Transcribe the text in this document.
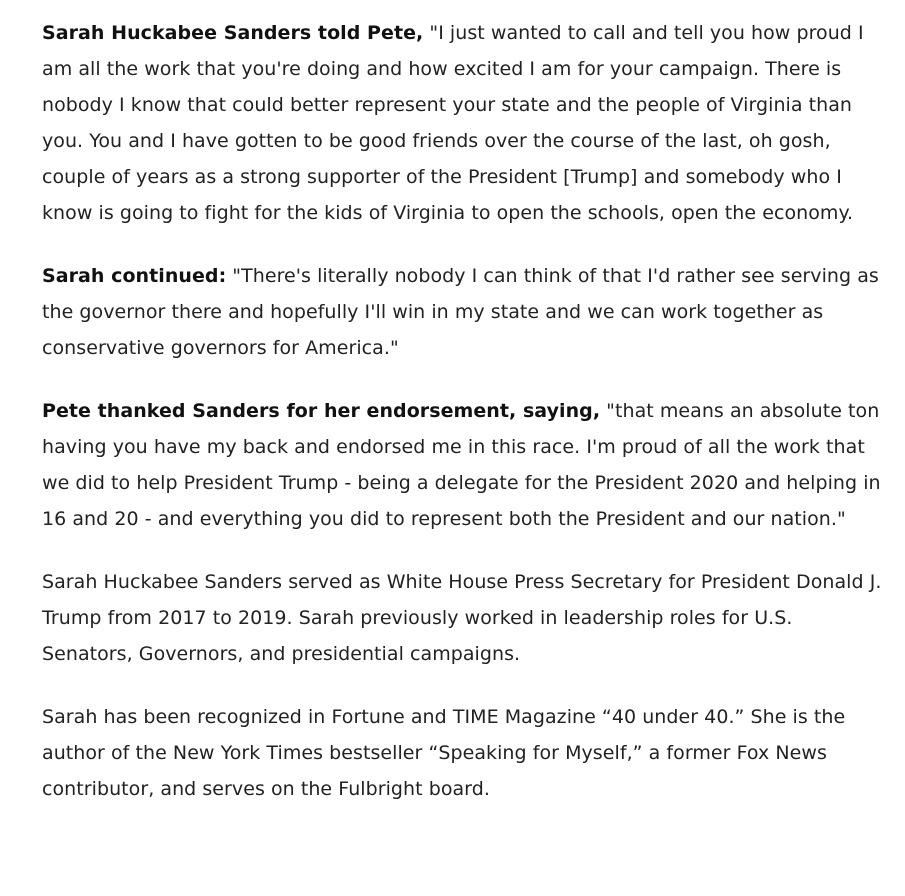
Sarah Huckabee Sanders told Pete, "I just wanted to call and tell you how proud I am all the work that you're doing and how excited I am for your campaign. There is nobody I know that could better represent your state and the people of Virginia than you. You and I have gotten to be good friends over the course of the last, oh gosh, couple of years as a strong supporter of the President [Trump] and somebody who I know is going to fight for the kids of Virginia to open the schools, open the economy.

Sarah continued: "There's literally nobody I can think of that I'd rather see serving as the governor there and hopefully I'll win in my state and we can work together as conservative governors for America."

Pete thanked Sanders for her endorsement, saying, "that means an absolute ton having you have my back and endorsed me in this race. I'm proud of all the work that we did to help President Trump - being a delegate for the President 2020 and helping in 16 and 20 - and everything you did to represent both the President and our nation."

Sarah Huckabee Sanders served as White House Press Secretary for President Donald J. Trump from 2017 to 2019. Sarah previously worked in leadership roles for U.S. Senators, Governors, and presidential campaigns.

Sarah has been recognized in Fortune and TIME Magazine “40 under 40.” She is the author of the New York Times bestseller “Speaking for Myself,” a former Fox News contributor, and serves on the Fulbright board.
